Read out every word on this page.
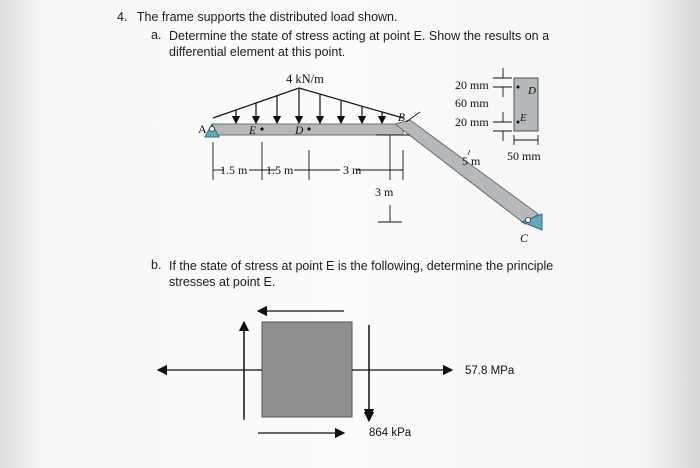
4. The frame supports the distributed load shown.
a. Determine the state of stress acting at point E. Show the results on a differential element at this point.
b. If the state of stress at point E is the following, determine the principle stresses at point E.
4 kN/m
A
C
E	D
B
1.5 m 1.5 m	3 m
3 m
5 m
D
E
20 mm
60 mm
20 mm
50 mm
57.8 MPa
864 kPa
